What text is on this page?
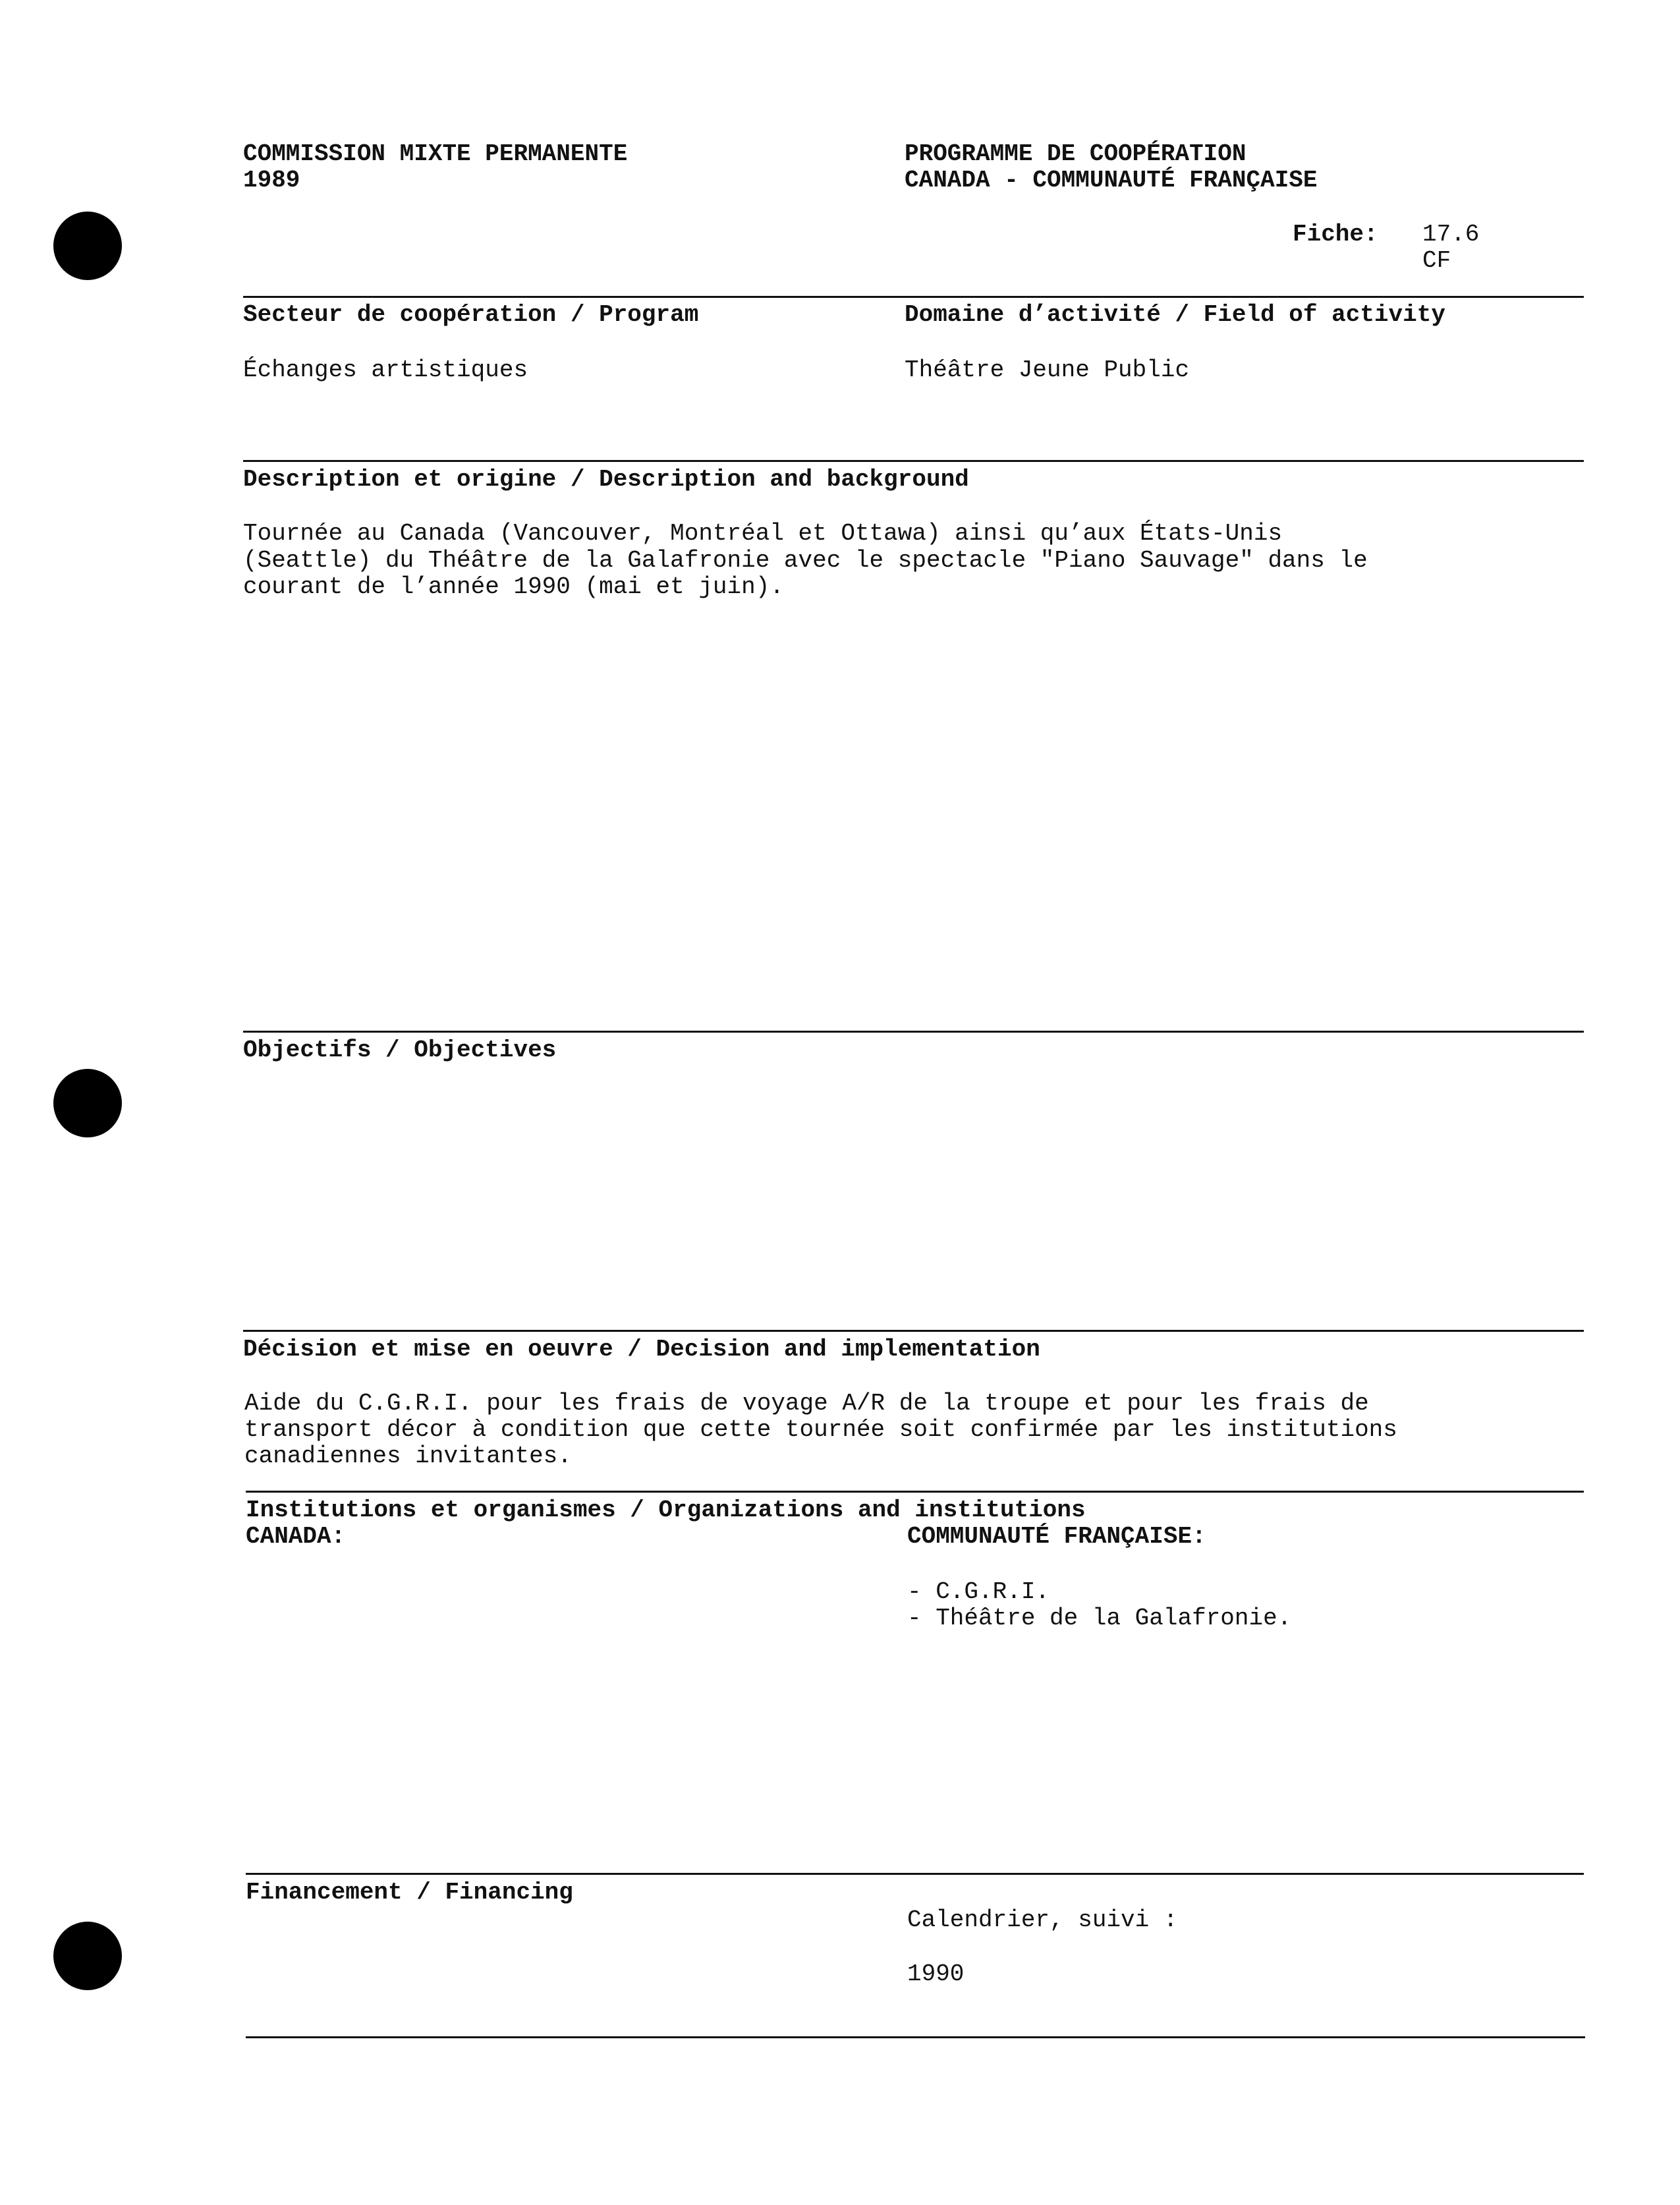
COMMISSION MIXTE PERMANENTE
1989
PROGRAMME DE COOPÉRATION
CANADA - COMMUNAUTÉ FRANÇAISE
Fiche: 17.6
CF
Secteur de coopération / Program
Échanges artistiques
Domaine d’activité / Field of activity
Théâtre Jeune Public
Description et origine / Description and background
Tournée au Canada (Vancouver, Montréal et Ottawa) ainsi qu’aux États-Unis
(Seattle) du Théâtre de la Galafronie avec le spectacle "Piano Sauvage" dans le
courant de l’année 1990 (mai et juin).
Objectifs / Objectives
Décision et mise en oeuvre / Decision and implementation
Aide du C.G.R.I. pour les frais de voyage A/R de la troupe et pour les frais de
transport décor à condition que cette tournée soit confirmée par les institutions
canadiennes invitantes.
Institutions et organismes / Organizations and institutions
CANADA:	COMMUNAUTÉ FRANÇAISE:
- C.G.R.I.
- Théâtre de la Galafronie.
Financement / Financing
Calendrier, suivi :
1990
